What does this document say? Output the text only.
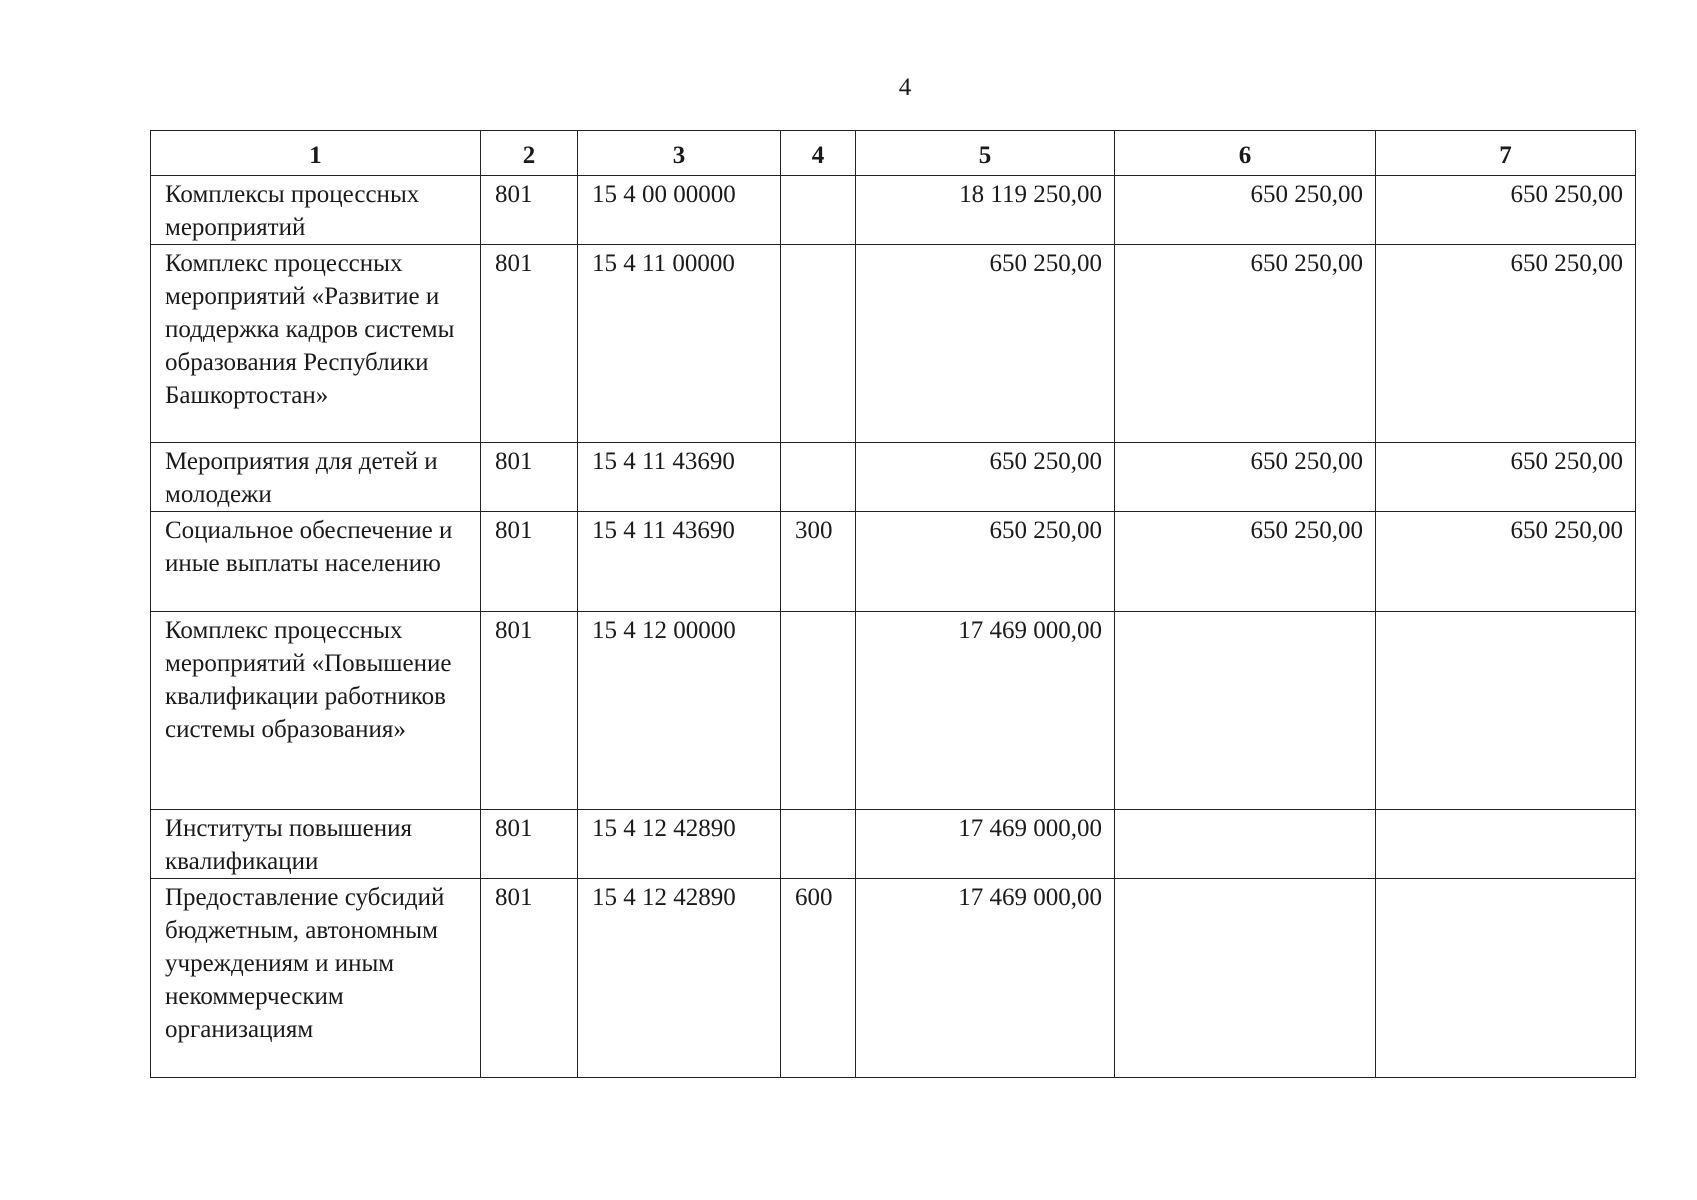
4
1	2	3	4	5	6	7
Комплексы процессных мероприятий	801	15 4 00 00000		18 119 250,00	650 250,00	650 250,00
Комплекс процессных мероприятий «Развитие и поддержка кадров системы образования Республики Башкортостан»	801	15 4 11 00000		650 250,00	650 250,00	650 250,00
Мероприятия для детей и молодежи	801	15 4 11 43690		650 250,00	650 250,00	650 250,00
Социальное обеспечение и иные выплаты населению	801	15 4 11 43690	300	650 250,00	650 250,00	650 250,00
Комплекс процессных мероприятий «Повышение квалификации работников системы образования»	801	15 4 12 00000		17 469 000,00		
Институты повышения квалификации	801	15 4 12 42890		17 469 000,00		
Предоставление субсидий бюджетным, автономным учреждениям и иным некоммерческим организациям	801	15 4 12 42890	600	17 469 000,00		
